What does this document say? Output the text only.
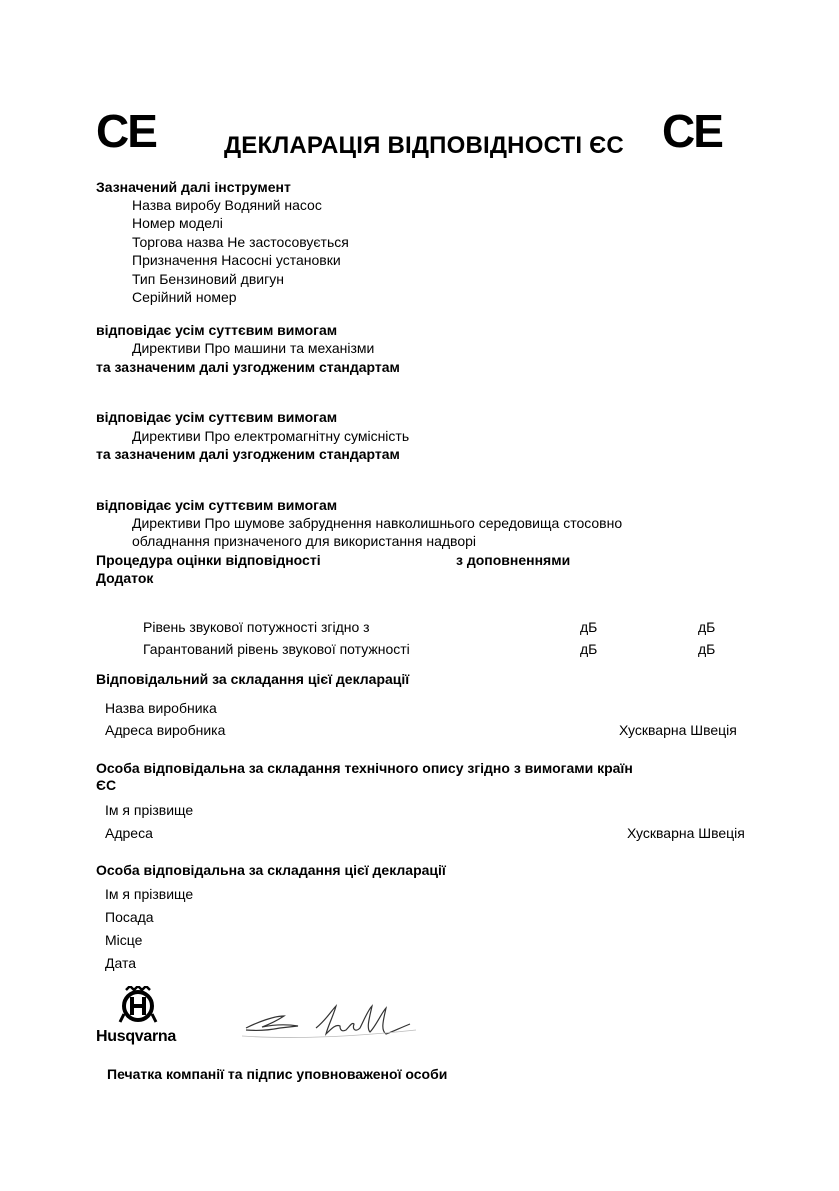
CE	ДЕКЛАРАЦІЯ ВІДПОВІДНОСТІ ЄС CE
Зазначений далі інструмент
Назва виробу Водяний насос
Номер моделі
Торгова назва Не застосовується
Призначення Насосні установки
Тип Бензиновий двигун
Серійний номер
відповідає усім суттєвим вимогам
Директиви Про машини та механізми
та зазначеним далі узгодженим стандартам
відповідає усім суттєвим вимогам
Директиви Про електромагнітну сумісність
та зазначеним далі узгодженим стандартам
відповідає усім суттєвим вимогам
Директиви Про шумове забруднення навколишнього середовища стосовно
обладнання призначеного для використання надворі
Процедура оцінки відповідності	з доповненнями
Додаток
Рівень звукової потужності згідно з	дБ	дБ
Гарантований рівень звукової потужності	дБ	дБ
Відповідальний за складання цієї декларації
Назва виробника
Адреса виробника	Хускварна Швеція
Особа відповідальна за складання технічного опису згідно з вимогами країн
ЄС
Ім я прізвище
Адреса	Хускварна Швеція
Особа відповідальна за складання цієї декларації
Ім я прізвище
Посада
Місце
Дата
Husqvarna
Печатка компанії та підпис уповноваженої особи
